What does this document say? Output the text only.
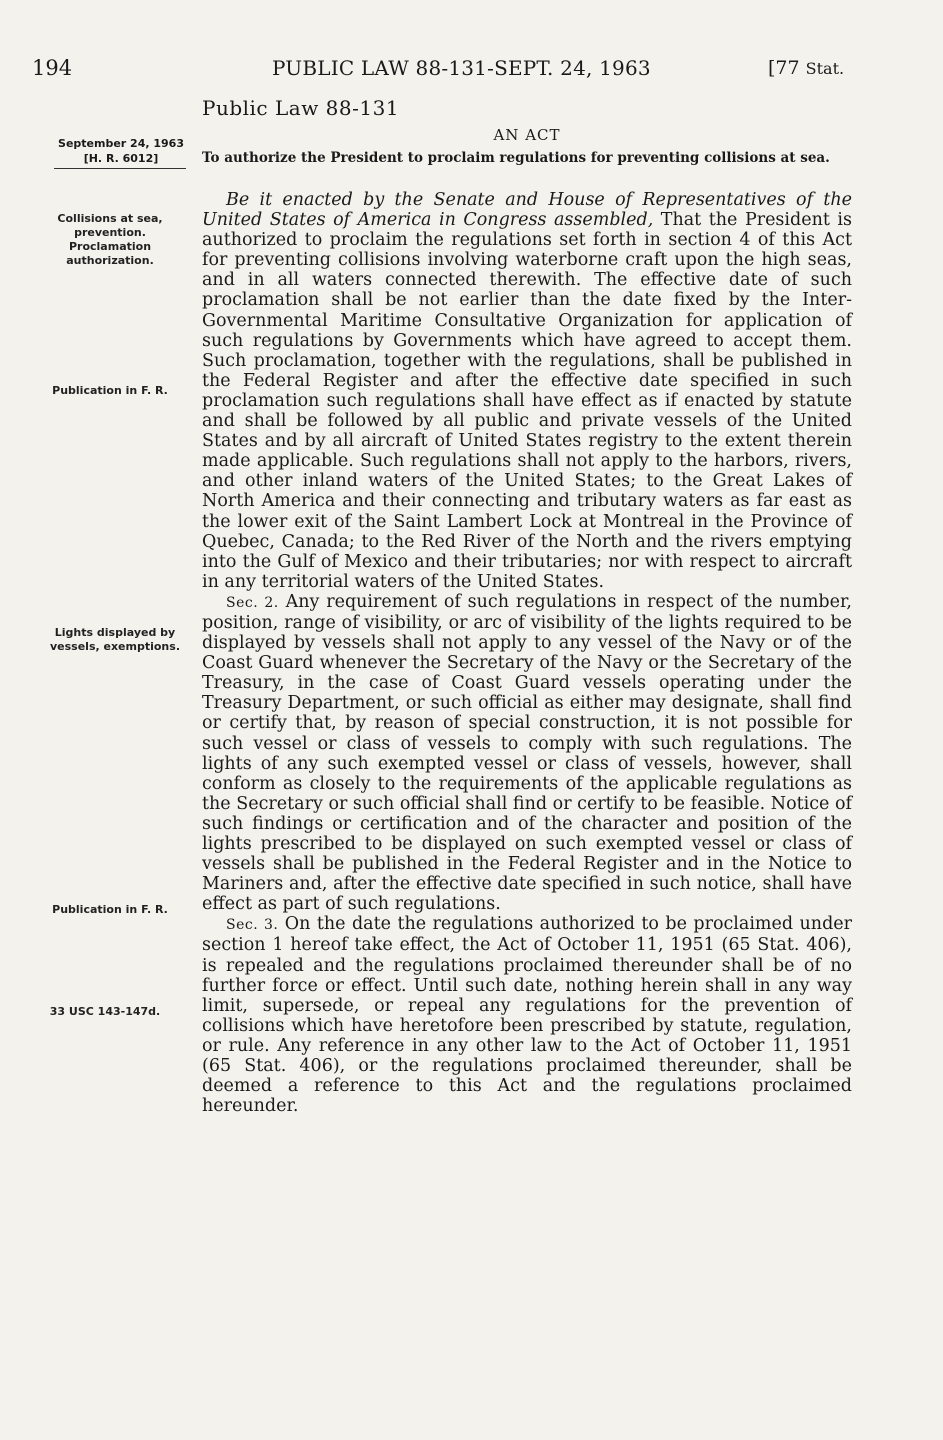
194	PUBLIC LAW 88-131-SEPT. 24, 1963	[77 Stat.
Public Law 88-131
September 24, 1963
[H. R. 6012]
AN ACT
To authorize the President to proclaim regulations for preventing collisions at sea.
Collisions at sea, prevention. Proclamation authorization.
Publication in F. R.
Lights displayed by vessels, exemptions.
Publication in F. R.
33 USC 143-147d.

Be it enacted by the Senate and House of Representatives of the United States of America in Congress assembled, That the President is authorized to proclaim the regulations set forth in section 4 of this Act for preventing collisions involving waterborne craft upon the high seas, and in all waters connected therewith. The effective date of such proclamation shall be not earlier than the date fixed by the Inter-Governmental Maritime Consultative Organization for application of such regulations by Governments which have agreed to accept them. Such proclamation, together with the regulations, shall be published in the Federal Register and after the effective date specified in such proclamation such regulations shall have effect as if enacted by statute and shall be followed by all public and private vessels of the United States and by all aircraft of United States registry to the extent therein made applicable. Such regulations shall not apply to the harbors, rivers, and other inland waters of the United States; to the Great Lakes of North America and their connecting and tributary waters as far east as the lower exit of the Saint Lambert Lock at Montreal in the Province of Quebec, Canada; to the Red River of the North and the rivers emptying into the Gulf of Mexico and their tributaries; nor with respect to aircraft in any territorial waters of the United States.

Sec. 2. Any requirement of such regulations in respect of the number, position, range of visibility, or arc of visibility of the lights required to be displayed by vessels shall not apply to any vessel of the Navy or of the Coast Guard whenever the Secretary of the Navy or the Secretary of the Treasury, in the case of Coast Guard vessels operating under the Treasury Department, or such official as either may designate, shall find or certify that, by reason of special construction, it is not possible for such vessel or class of vessels to comply with such regulations. The lights of any such exempted vessel or class of vessels, however, shall conform as closely to the requirements of the applicable regulations as the Secretary or such official shall find or certify to be feasible. Notice of such findings or certification and of the character and position of the lights prescribed to be displayed on such exempted vessel or class of vessels shall be published in the Federal Register and in the Notice to Mariners and, after the effective date specified in such notice, shall have effect as part of such regulations.

Sec. 3. On the date the regulations authorized to be proclaimed under section 1 hereof take effect, the Act of October 11, 1951 (65 Stat. 406), is repealed and the regulations proclaimed thereunder shall be of no further force or effect. Until such date, nothing herein shall in any way limit, supersede, or repeal any regulations for the prevention of collisions which have heretofore been prescribed by statute, regulation, or rule. Any reference in any other law to the Act of October 11, 1951 (65 Stat. 406), or the regulations proclaimed thereunder, shall be deemed a reference to this Act and the regulations proclaimed hereunder.
